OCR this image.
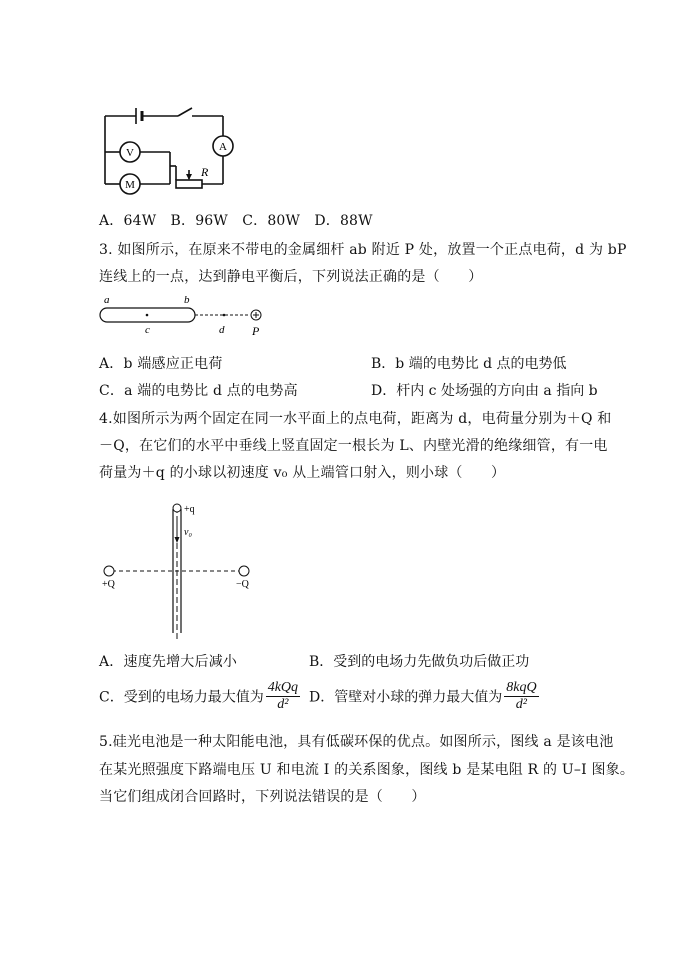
V
M
A
R
A．64W　B．96W　C．80W　D．88W
3. 如图所示，在原来不带电的金属细杆 ab 附近 P 处，放置一个正点电荷，d 为 bP
连线上的一点，达到静电平衡后，下列说法正确的是（　　）
a	b
c	d P
A．b 端感应正电荷	B．b 端的电势比 d 点的电势低
C．a 端的电势比 d 点的电势高	D．杆内 c 处场强的方向由 a 指向 b
4.如图所示为两个固定在同一水平面上的点电荷，距离为 d，电荷量分别为＋Q 和
－Q，在它们的水平中垂线上竖直固定一根长为 L、内壁光滑的绝缘细管，有一电
荷量为＋q 的小球以初速度 v₀ 从上端管口射入，则小球（　　）
+q
v₀
+Q	−Q
A．速度先增大后减小	B．受到的电场力先做负功后做正功
C．受到的电场力最大值为 $\frac{\text{4kQq}}{\text{d²}}$ D．管壁对小球的弹力最大值为 $\frac{\text{8kqQ}}{\text{d²}}$
5.硅光电池是一种太阳能电池，具有低碳环保的优点。如图所示，图线 a 是该电池
在某光照强度下路端电压 U 和电流 I 的关系图象，图线 b 是某电阻 R 的 U–I 图象。
当它们组成闭合回路时，下列说法错误的是（　　）
